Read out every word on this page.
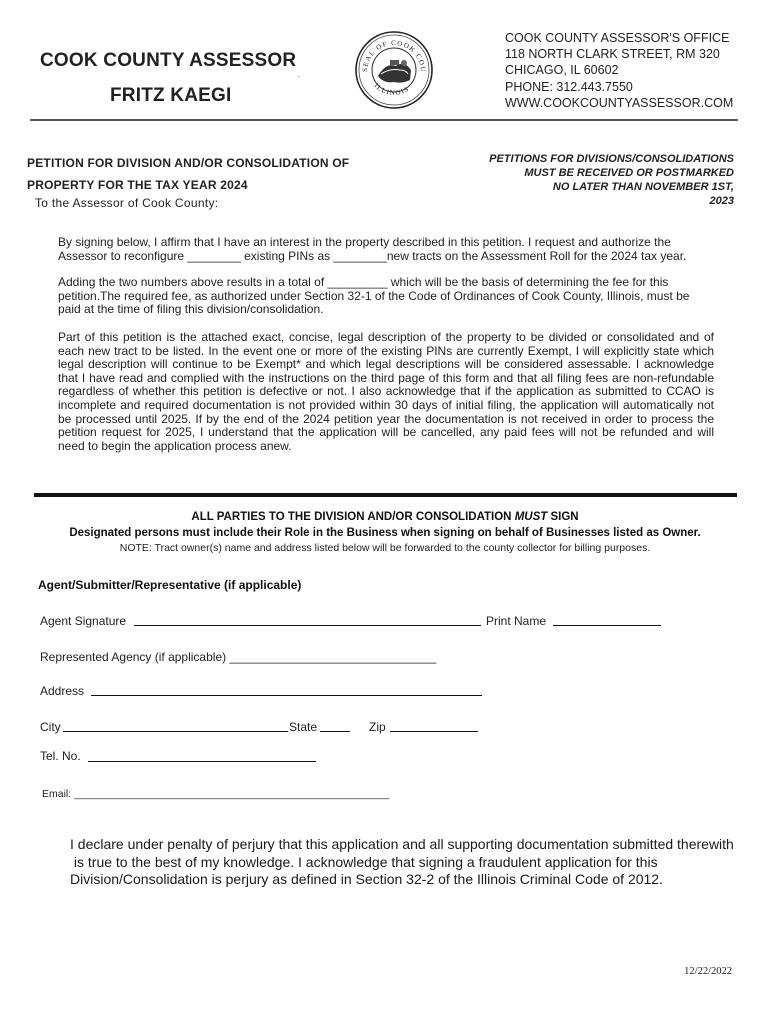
COOK COUNTY ASSESSOR
FRITZ KAEGI
SEAL OF COOK COU
ILLINOIS
COOK COUNTY ASSESSOR'S OFFICE
118 NORTH CLARK STREET, RM 320
CHICAGO, IL 60602
PHONE: 312.443.7550
WWW.COOKCOUNTYASSESSOR.COM
PETITION FOR DIVISION AND/OR CONSOLIDATION OF
PROPERTY FOR THE TAX YEAR 2024
To the Assessor of Cook County:
PETITIONS FOR DIVISIONS/CONSOLIDATIONS
MUST BE RECEIVED OR POSTMARKED
NO LATER THAN NOVEMBER 1ST,
2023
By signing below, I affirm that I have an interest in the property described in this petition. I request and authorize the Assessor to reconfigure ________ existing PINs as ________new tracts on the Assessment Roll for the 2024 tax year.
Adding the two numbers above results in a total of _________ which will be the basis of determining the fee for this petition.The required fee, as authorized under Section 32-1 of the Code of Ordinances of Cook County, Illinois, must be paid at the time of filing this division/consolidation.
Part of this petition is the attached exact, concise, legal description of the property to be divided or consolidated and of each new tract to be listed. In the event one or more of the existing PINs are currently Exempt, I will explicitly state which legal description will continue to be Exempt* and which legal descriptions will be considered assessable. I acknowledge that I have read and complied with the instructions on the third page of this form and that all filing fees are non-refundable regardless of whether this petition is defective or not. I also acknowledge that if the application as submitted to CCAO is incomplete and required documentation is not provided within 30 days of initial filing, the application will automatically not be processed until 2025. If by the end of the 2024 petition year the documentation is not received in order to process the petition request for 2025, I understand that the application will be cancelled, any paid fees will not be refunded and will need to begin the application process anew.
ALL PARTIES TO THE DIVISION AND/OR CONSOLIDATION MUST SIGN
Designated persons must include their Role in the Business when signing on behalf of Businesses listed as Owner.
NOTE: Tract owner(s) name and address listed below will be forwarded to the county collector for billing purposes.
Agent/Submitter/Representative (if applicable)
Agent Signature	Print Name
Represented Agency (if applicable) _______________________________
Address
City	State	Zip
Tel. No.
Email: ______________________________________________________
I declare under penalty of perjury that this application and all supporting documentation submitted therewith
is true to the best of my knowledge. I acknowledge that signing a fraudulent application for this
Division/Consolidation is perjury as defined in Section 32-2 of the Illinois Criminal Code of 2012.
12/22/2022
